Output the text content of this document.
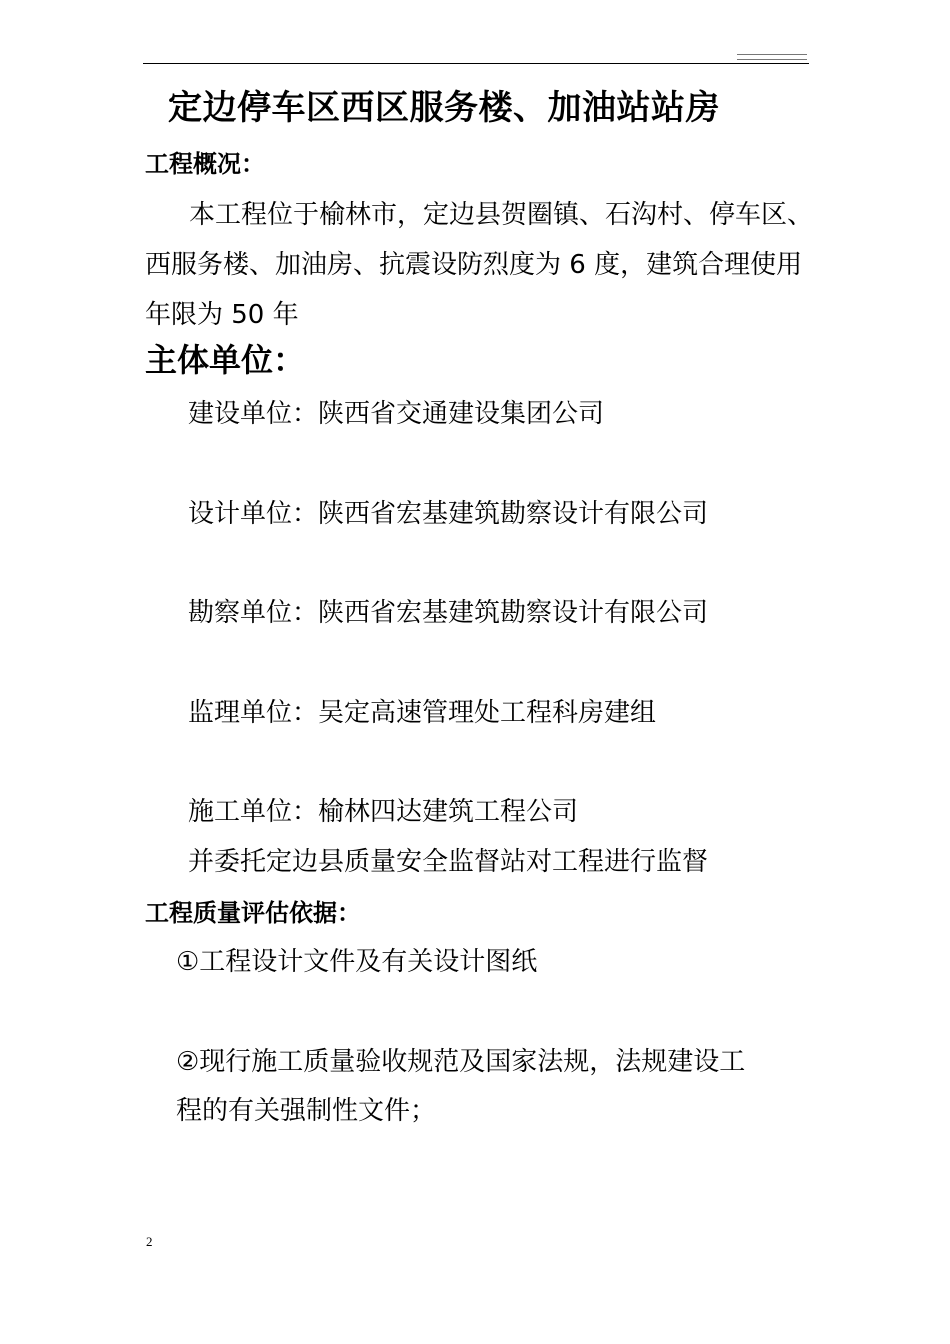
定边停车区西区服务楼、加油站站房
工程概况：
本工程位于榆林市，定边县贺圈镇、石沟村、停车区、西服务楼、加油房、抗震设防烈度为 6 度，建筑合理使用年限为 50 年
主体单位：
建设单位：陕西省交通建设集团公司
设计单位：陕西省宏基建筑勘察设计有限公司
勘察单位：陕西省宏基建筑勘察设计有限公司
监理单位：吴定高速管理处工程科房建组
施工单位：榆林四达建筑工程公司
并委托定边县质量安全监督站对工程进行监督
工程质量评估依据：
①工程设计文件及有关设计图纸
②现行施工质量验收规范及国家法规，法规建设工
程的有关强制性文件；
2
